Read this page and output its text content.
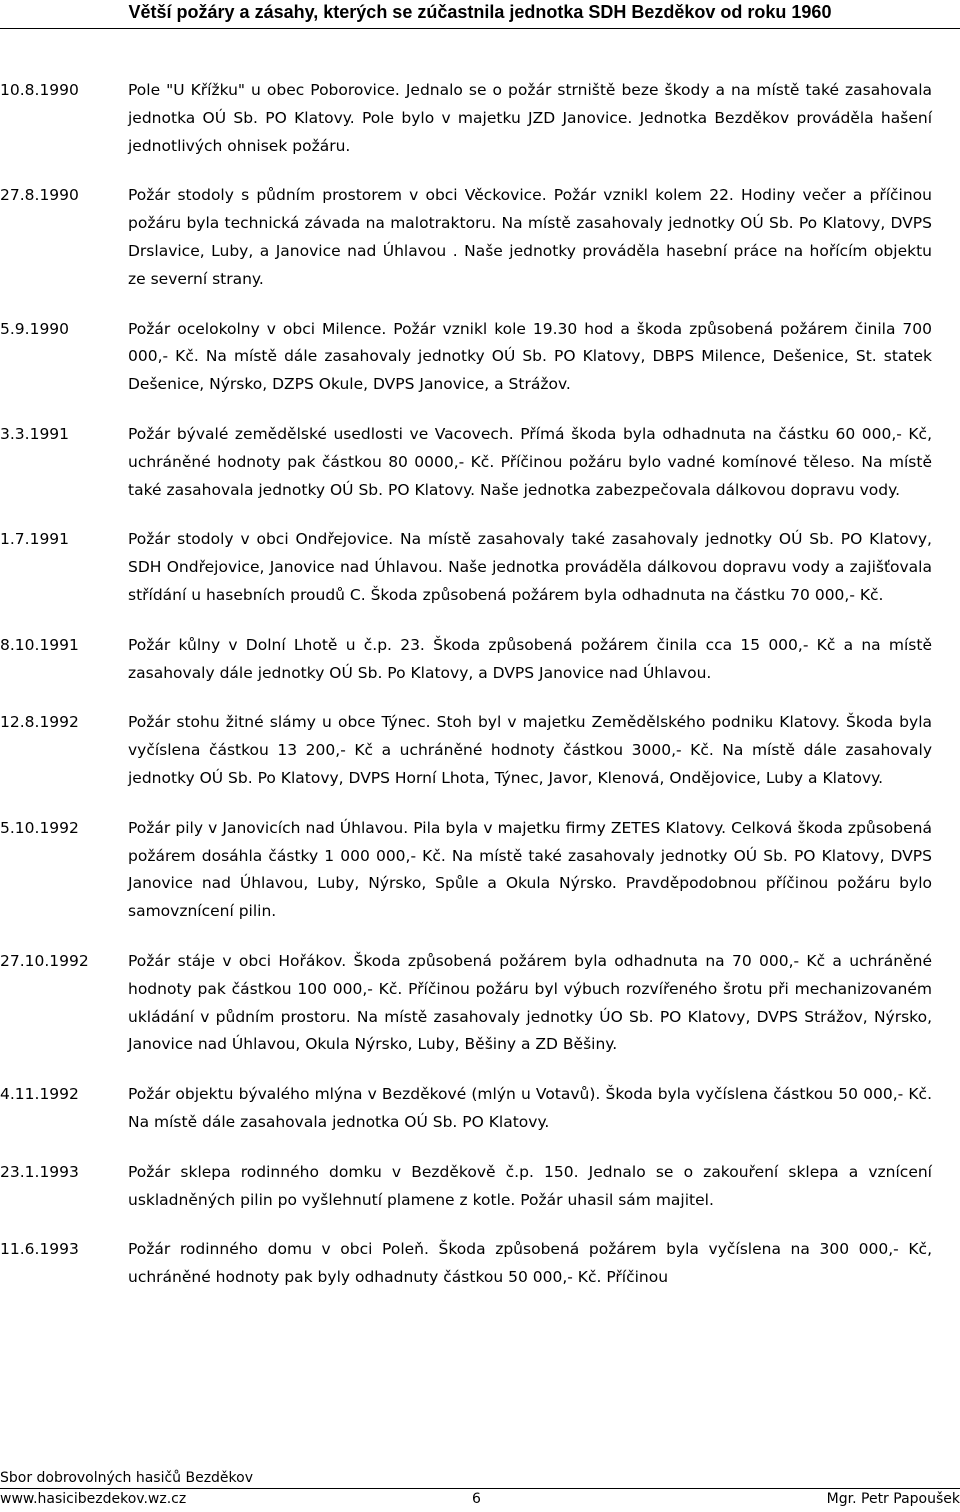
Větší požáry a zásahy, kterých se zúčastnila jednotka SDH Bezděkov od roku 1960
10.8.1990	Pole "U Křížku" u obec Poborovice. Jednalo se o požár strniště beze škody a na místě také zasahovala jednotka OÚ Sb. PO Klatovy. Pole bylo v majetku JZD Janovice. Jednotka Bezděkov prováděla hašení jednotlivých ohnisek požáru.
27.8.1990	Požár stodoly s půdním prostorem v obci Věckovice. Požár vznikl kolem 22. Hodiny večer a příčinou požáru byla technická závada na malotraktoru. Na místě zasahovaly jednotky OÚ Sb. Po Klatovy, DVPS Drslavice, Luby, a Janovice nad Úhlavou . Naše jednotky prováděla hasební práce na hořícím objektu ze severní strany.
5.9.1990	Požár ocelokolny v obci Milence. Požár vznikl kole 19.30 hod a škoda způsobená požárem činila 700 000,- Kč. Na místě dále zasahovaly jednotky OÚ Sb. PO Klatovy, DBPS Milence, Dešenice, St. statek Dešenice, Nýrsko, DZPS Okule, DVPS Janovice, a Strážov.
3.3.1991	Požár bývalé zemědělské usedlosti ve Vacovech. Přímá škoda byla odhadnuta na částku 60 000,- Kč, uchráněné hodnoty pak částkou 80 0000,- Kč. Příčinou požáru bylo vadné komínové těleso. Na místě také zasahovala jednotky OÚ Sb. PO Klatovy. Naše jednotka zabezpečovala dálkovou dopravu vody.
1.7.1991	Požár stodoly v obci Ondřejovice. Na místě zasahovaly také zasahovaly jednotky OÚ Sb. PO Klatovy, SDH Ondřejovice, Janovice nad Úhlavou. Naše jednotka prováděla dálkovou dopravu vody a zajišťovala střídání u hasebních proudů C. Škoda způsobená požárem byla odhadnuta na částku 70 000,- Kč.
8.10.1991	Požár kůlny v Dolní Lhotě u č.p. 23. Škoda způsobená požárem činila cca 15 000,- Kč a na místě zasahovaly dále jednotky OÚ Sb. Po Klatovy, a DVPS Janovice nad Úhlavou.
12.8.1992	Požár stohu žitné slámy u obce Týnec. Stoh byl v majetku Zemědělského podniku Klatovy. Škoda byla vyčíslena částkou 13 200,- Kč a uchráněné hodnoty částkou 3000,- Kč. Na místě dále zasahovaly jednotky OÚ Sb. Po Klatovy, DVPS Horní Lhota, Týnec, Javor, Klenová, Ondějovice, Luby a Klatovy.
5.10.1992	Požár pily v Janovicích nad Úhlavou. Pila byla v majetku firmy ZETES Klatovy. Celková škoda způsobená požárem dosáhla částky 1 000 000,- Kč. Na místě také zasahovaly jednotky OÚ Sb. PO Klatovy, DVPS Janovice nad Úhlavou, Luby, Nýrsko, Spůle a Okula Nýrsko. Pravděpodobnou příčinou požáru bylo samovznícení pilin.
27.10.1992	Požár stáje v obci Hořákov. Škoda způsobená požárem byla odhadnuta na 70 000,- Kč a uchráněné hodnoty pak částkou 100 000,- Kč. Příčinou požáru byl výbuch rozvířeného šrotu při mechanizovaném ukládání v půdním prostoru. Na místě zasahovaly jednotky ÚO Sb. PO Klatovy, DVPS Strážov, Nýrsko, Janovice nad Úhlavou, Okula Nýrsko, Luby, Běšiny a ZD Běšiny.
4.11.1992	Požár objektu bývalého mlýna v Bezděkové (mlýn u Votavů). Škoda byla vyčíslena částkou 50 000,- Kč. Na místě dále zasahovala jednotka OÚ Sb. PO Klatovy.
23.1.1993	Požár sklepa rodinného domku v Bezděkově č.p. 150. Jednalo se o zakouření sklepa a vznícení uskladněných pilin po vyšlehnutí plamene z kotle. Požár uhasil sám majitel.
11.6.1993	Požár rodinného domu v obci Poleň. Škoda způsobená požárem byla vyčíslena na 300 000,- Kč, uchráněné hodnoty pak byly odhadnuty částkou 50 000,- Kč. Příčinou
Sbor dobrovolných hasičů Bezděkov
www.hasicibezdekov.wz.cz	6	Mgr. Petr Papoušek
